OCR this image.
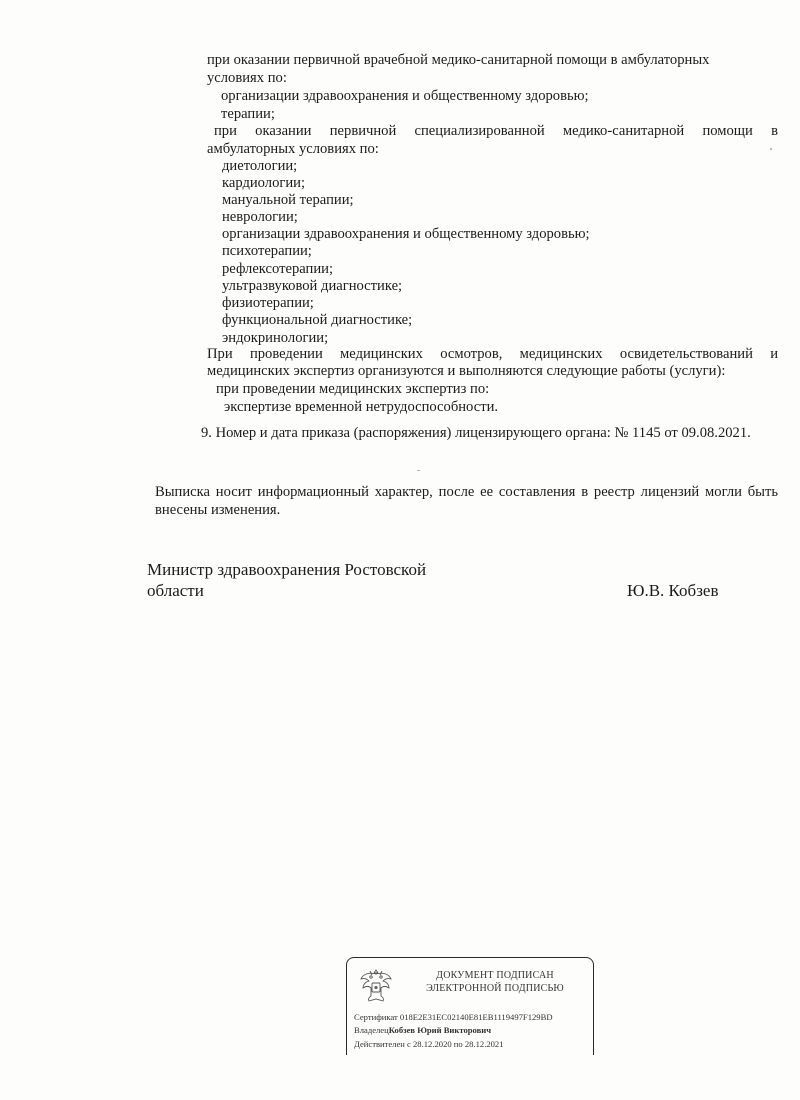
при оказании первичной врачебной медико-санитарной помощи в амбулаторных
условиях по:
организации здравоохранения и общественному здоровью;
терапии;
при оказании первичной специализированной медико-санитарной помощи в
амбулаторных условиях по:
диетологии;
кардиологии;
мануальной терапии;
неврологии;
организации здравоохранения и общественному здоровью;
психотерапии;
рефлексотерапии;
ультразвуковой диагностике;
физиотерапии;
функциональной диагностике;
эндокринологии;
При проведении медицинских осмотров, медицинских освидетельствований и
медицинских экспертиз организуются и выполняются следующие работы (услуги):
при проведении медицинских экспертиз по:
экспертизе временной нетрудоспособности.
9. Номер и дата приказа (распоряжения) лицензирующего органа: № 1145 от 09.08.2021.
Выписка носит информационный характер, после ее составления в реестр лицензий могли быть
внесены изменения.
Министр здравоохранения Ростовской
области	Ю.В. Кобзев
ДОКУМЕНТ ПОДПИСАН
ЭЛЕКТРОННОЙ ПОДПИСЬЮ
Сертификат 018E2E31EC02140E81EB1119497F129BD
ВладелецКобзев Юрий Викторович
Действителен с 28.12.2020 по 28.12.2021
